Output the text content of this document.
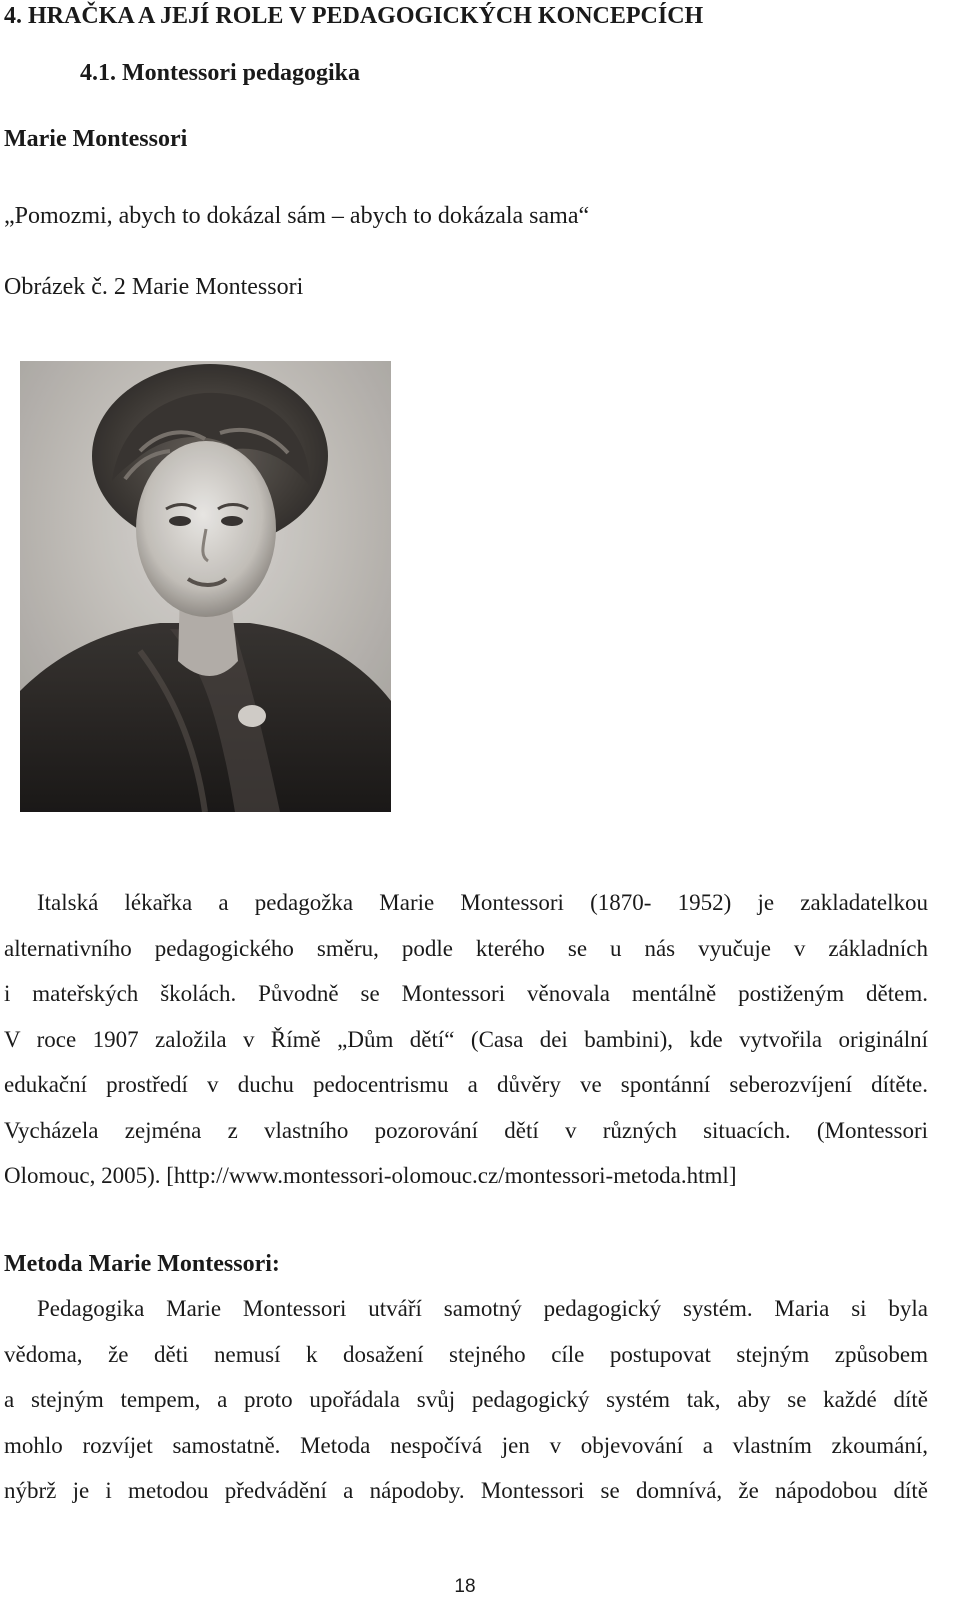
4. HRAČKA A JEJÍ ROLE V PEDAGOGICKÝCH KONCEPCÍCH
4.1. Montessori pedagogika
Marie Montessori
„Pomozmi, abych to dokázal sám – abych to dokázala sama“
Obrázek č. 2 Marie Montessori
Italská lékařka a pedagožka Marie Montessori (1870- 1952) je zakladatelkou
alternativního pedagogického směru, podle kterého se u nás vyučuje v základních
i mateřských školách. Původně se Montessori věnovala mentálně postiženým dětem.
V roce 1907 založila v Římě „Dům dětí“ (Casa dei bambini), kde vytvořila originální
edukační prostředí v duchu pedocentrismu a důvěry ve spontánní seberozvíjení dítěte.
Vycházela zejména z vlastního pozorování dětí v různých situacích. (Montessori
Olomouc, 2005). [http://www.montessori-olomouc.cz/montessori-metoda.html]
Metoda Marie Montessori:
Pedagogika Marie Montessori utváří samotný pedagogický systém. Maria si byla
vědoma, že děti nemusí k dosažení stejného cíle postupovat stejným způsobem
a stejným tempem, a proto upořádala svůj pedagogický systém tak, aby se každé dítě
mohlo rozvíjet samostatně. Metoda nespočívá jen v objevování a vlastním zkoumání,
nýbrž je i metodou předvádění a nápodoby. Montessori se domnívá, že nápodobou dítě
18
